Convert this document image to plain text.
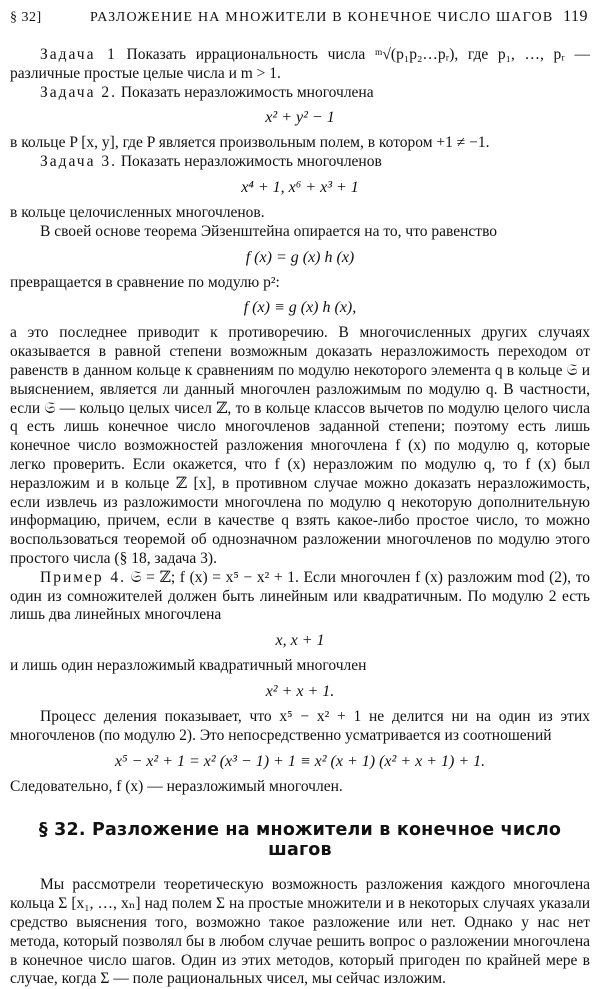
§ 32]	РАЗЛОЖЕНИЕ НА МНОЖИТЕЛИ В КОНЕЧНОЕ ЧИСЛО ШАГОВ 119

Задача 1 Показать иррациональность числа ᵐ√(p₁p₂…pᵣ), где p₁, …, pᵣ — различные простые целые числа и m > 1.

Задача 2. Показать неразложимость многочлена

x² + y² − 1

в кольце P [x, y], где P является произвольным полем, в котором +1 ≠ −1.

Задача 3. Показать неразложимость многочленов

x⁴ + 1, x⁶ + x³ + 1

в кольце целочисленных многочленов.

В своей основе теорема Эйзенштейна опирается на то, что равенство

f (x) = g (x) h (x)

превращается в сравнение по модулю p²:

f (x) ≡ g (x) h (x),

а это последнее приводит к противоречию. В многочисленных других случаях оказывается в равной степени возможным доказать неразложимость переходом от равенств в данном кольце к сравнениям по модулю некоторого элемента q в кольце 𝔖 и выяснением, является ли данный многочлен разложимым по модулю q. В частности, если 𝔖 — кольцо целых чисел ℤ, то в кольце классов вычетов по модулю целого числа q есть лишь конечное число многочленов заданной степени; поэтому есть лишь конечное число возможностей разложения многочлена f (x) по модулю q, которые легко проверить. Если окажется, что f (x) неразложим по модулю q, то f (x) был неразложим и в кольце ℤ [x], в противном случае можно доказать неразложимость, если извлечь из разложимости многочлена по модулю q некоторую дополнительную информацию, причем, если в качестве q взять какое-либо простое число, то можно воспользоваться теоремой об однозначном разложении многочленов по модулю этого простого числа (§ 18, задача 3).

Пример 4. 𝔖 = ℤ; f (x) = x⁵ − x² + 1. Если многочлен f (x) разложим mod (2), то один из сомножителей должен быть линейным или квадратичным. По модулю 2 есть лишь два линейных многочлена

x, x + 1

и лишь один неразложимый квадратичный многочлен

x² + x + 1.

Процесс деления показывает, что x⁵ − x² + 1 не делится ни на один из этих многочленов (по модулю 2). Это непосредственно усматривается из соотношений

x⁵ − x² + 1 = x² (x³ − 1) + 1 ≡ x² (x + 1) (x² + x + 1) + 1.

Следовательно, f (x) — неразложимый многочлен.

§ 32. Разложение на множители в конечное число шагов

Мы рассмотрели теоретическую возможность разложения каждого многочлена кольца Σ [x₁, …, xₙ] над полем Σ на простые множители и в некоторых случаях указали средство выяснения того, возможно такое разложение или нет. Однако у нас нет метода, который позволял бы в любом случае решить вопрос о разложении многочлена в конечное число шагов. Один из этих методов, который пригоден по крайней мере в случае, когда Σ — поле рациональных чисел, мы сейчас изложим.
